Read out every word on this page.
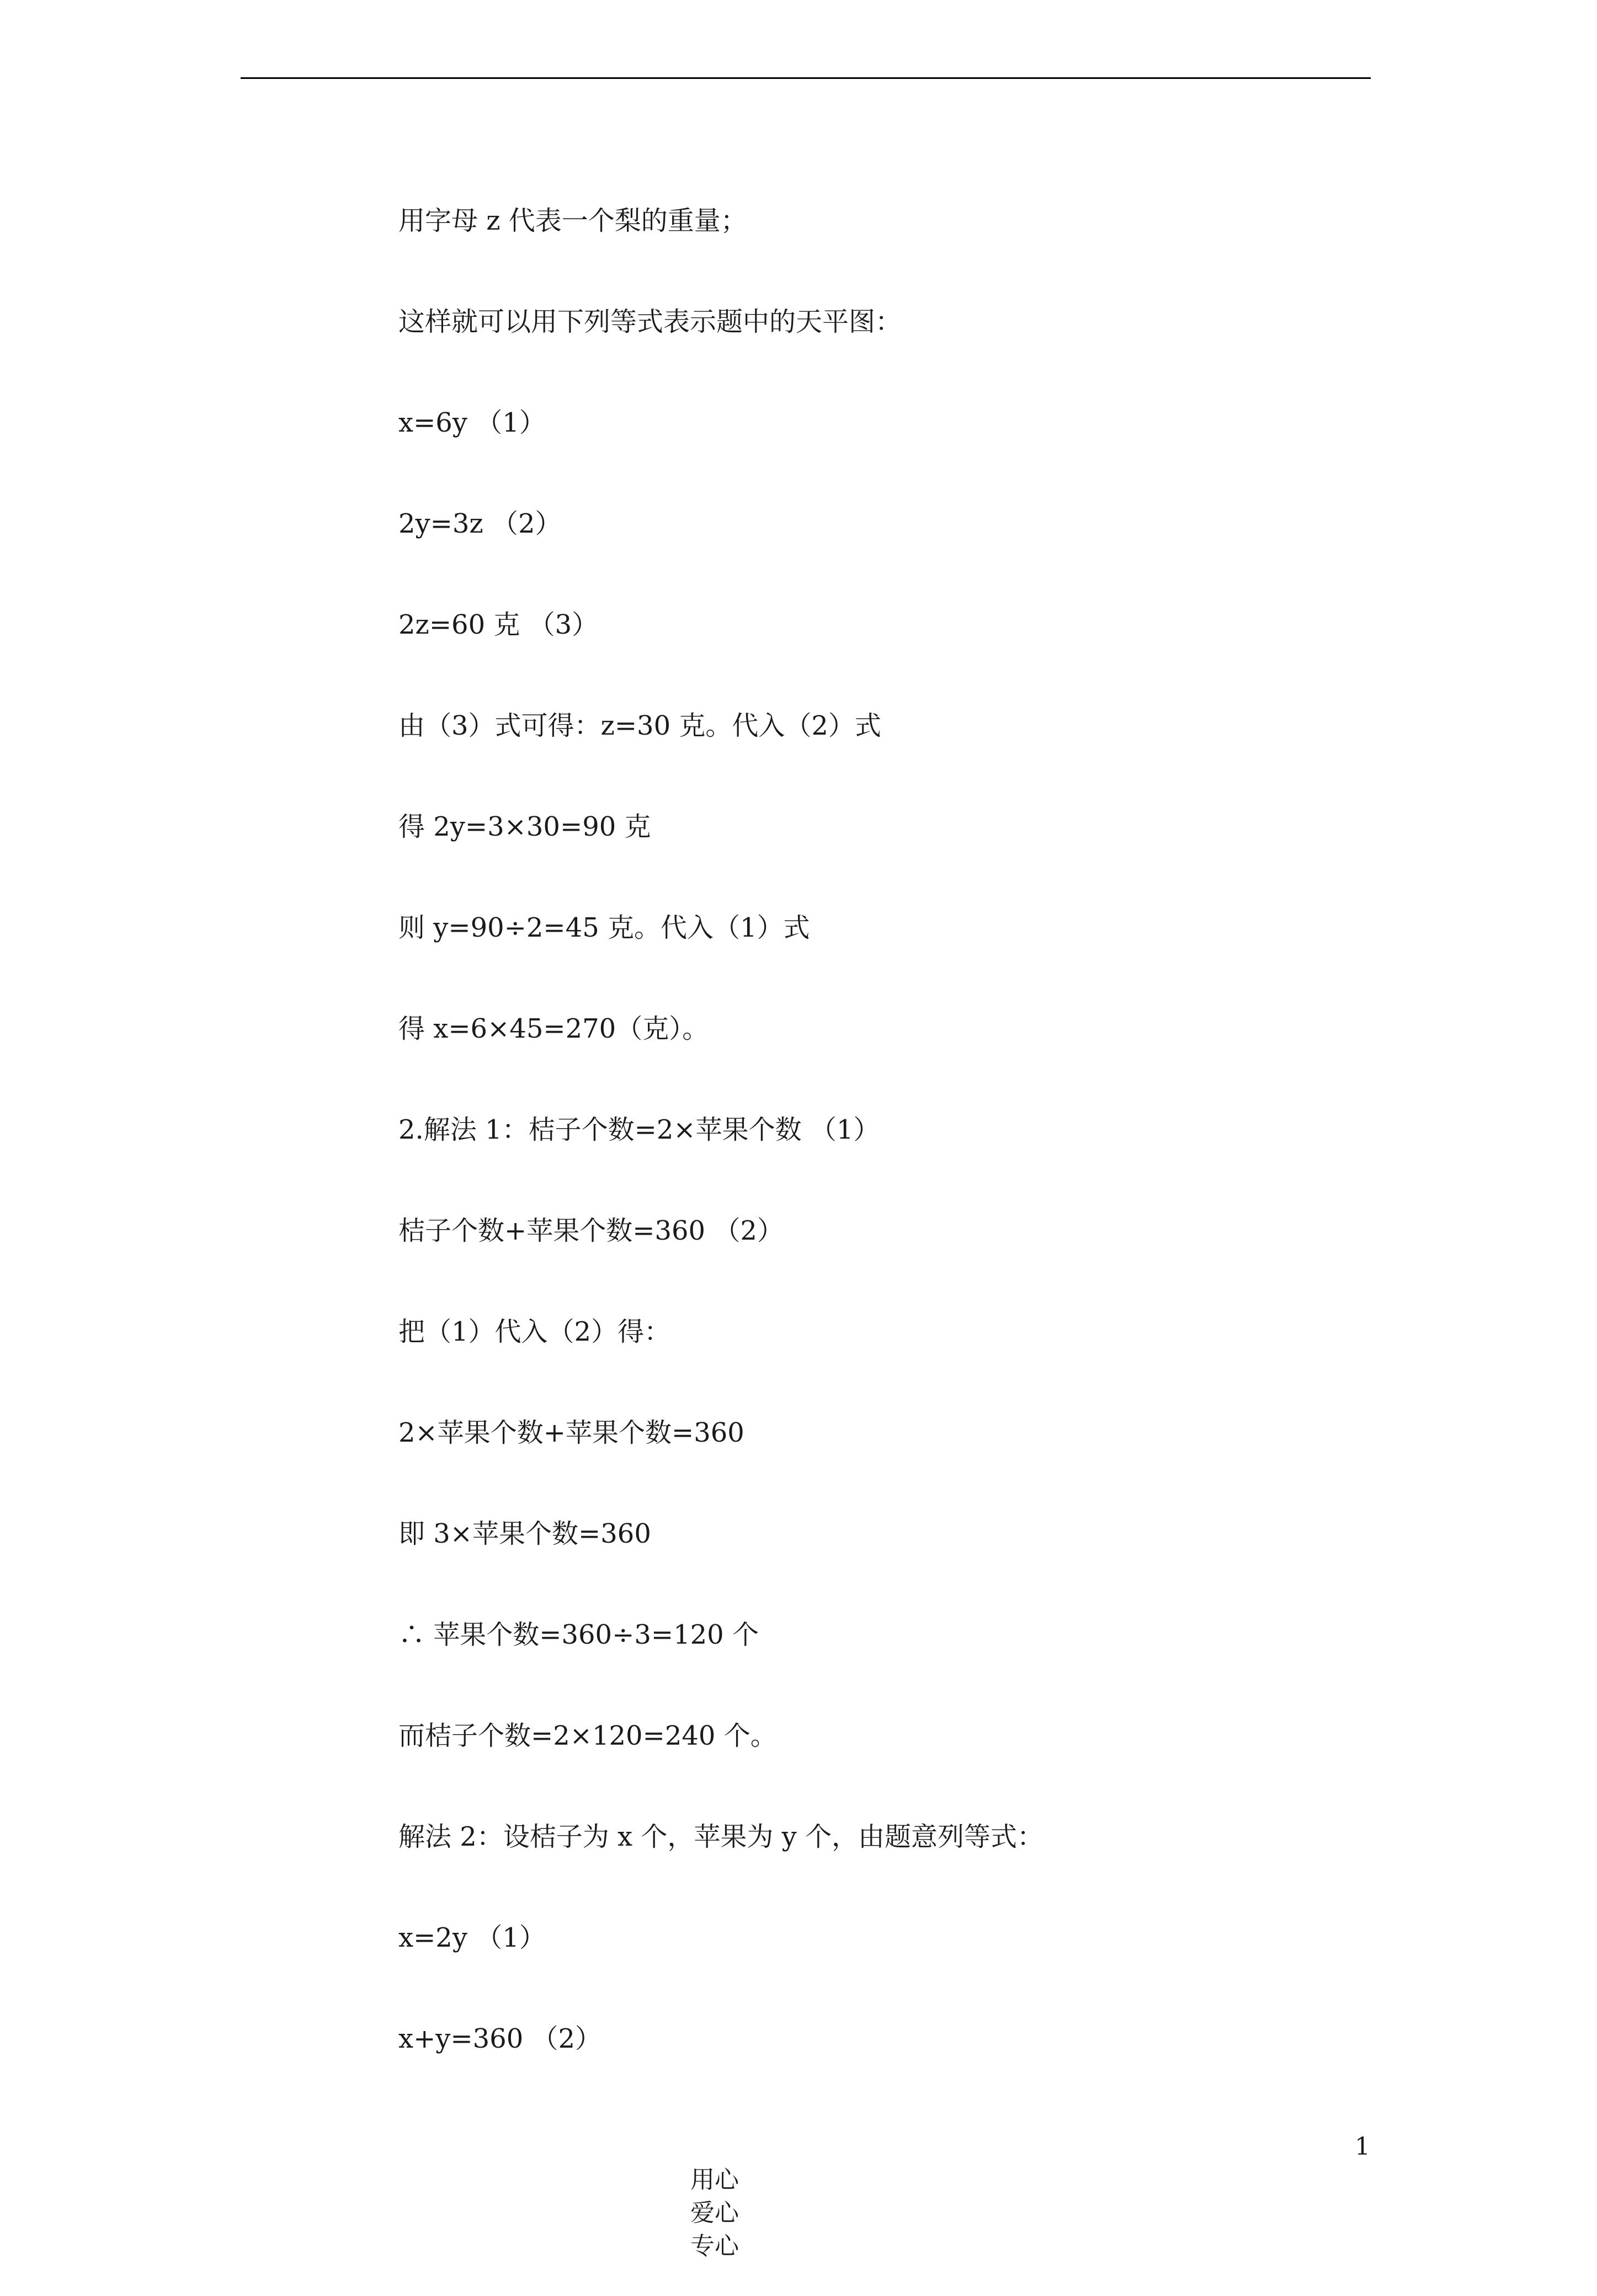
用字母 z 代表一个梨的重量；
这样就可以用下列等式表示题中的天平图：
x=6y （1）
2y=3z （2）
2z=60 克 （3）
由（3）式可得：z=30 克。代入（2）式
得 2y=3×30=90 克
则 y=90÷2=45 克。代入（1）式
得 x=6×45=270（克）。
2.解法 1：桔子个数=2×苹果个数 （1）
桔子个数+苹果个数=360 （2）
把（1）代入（2）得：
2×苹果个数+苹果个数=360
即 3×苹果个数=360
∴ 苹果个数=360÷3=120 个
而桔子个数=2×120=240 个。
解法 2：设桔子为 x 个，苹果为 y 个，由题意列等式：
x=2y （1）
x+y=360 （2）

用心
爱心
专心

1
